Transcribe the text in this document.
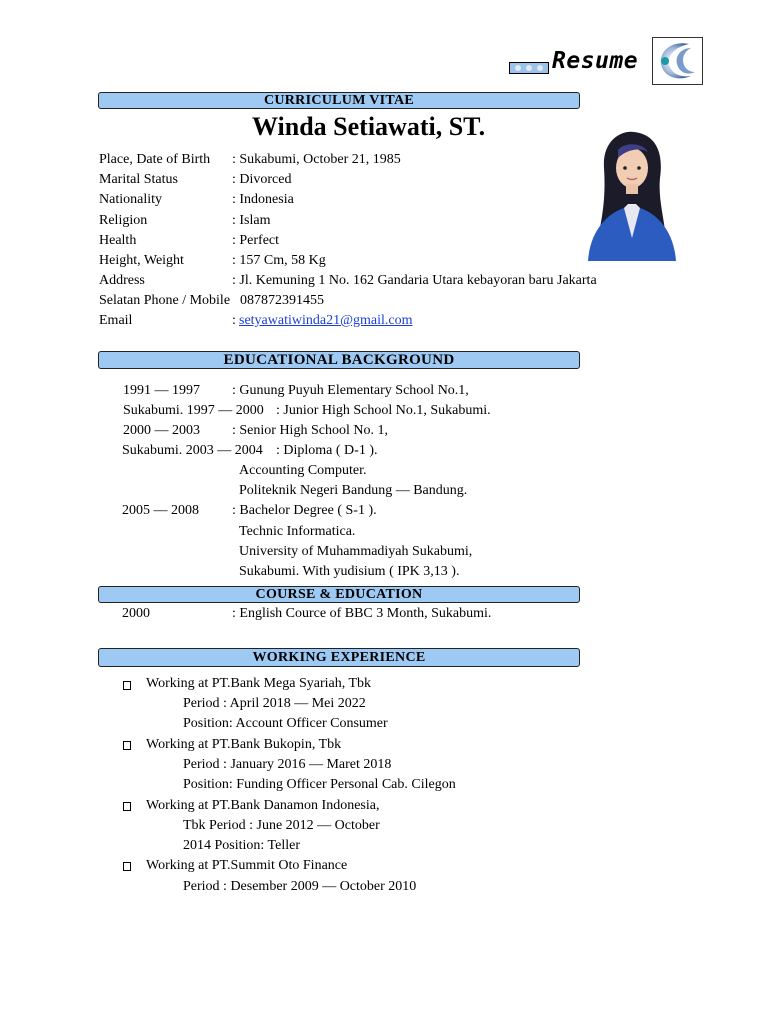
Resume
CURRICULUM VITAE
Winda Setiawati, ST.
Place, Date of Birth : Sukabumi, October 21, 1985
Marital Status	: Divorced
Nationality	: Indonesia
Religion	: Islam
Health	: Perfect
Height, Weight	: 157 Cm, 58 Kg
Address	: Jl. Kemuning 1 No. 162 Gandaria Utara kebayoran baru Jakarta
Selatan Phone / Mobile 087872391455
Email	: setyawatiwinda21@gmail.com
EDUCATIONAL BACKGROUND
1991 — 1997 : Gunung Puyuh Elementary School No.1,
Sukabumi. 1997 — 2000 : Junior High School No.1, Sukabumi.
2000 — 2003 : Senior High School No. 1,
Sukabumi. 2003 — 2004 : Diploma ( D-1 ).
Accounting Computer.
Politeknik Negeri Bandung — Bandung.
2005 — 2008 : Bachelor Degree ( S-1 ).
Technic Informatica.
University of Muhammadiyah Sukabumi,
Sukabumi. With yudisium ( IPK 3,13 ).
COURSE & EDUCATION
2000	: English Cource of BBC 3 Month, Sukabumi.
WORKING EXPERIENCE
Working at PT.Bank Mega Syariah, Tbk
Period : April 2018 — Mei 2022
Position: Account Officer Consumer
Working at PT.Bank Bukopin, Tbk
Period : January 2016 — Maret 2018
Position: Funding Officer Personal Cab. Cilegon
Working at PT.Bank Danamon Indonesia,
Tbk Period : June 2012 — October
2014 Position: Teller
Working at PT.Summit Oto Finance
Period : Desember 2009 — October 2010
